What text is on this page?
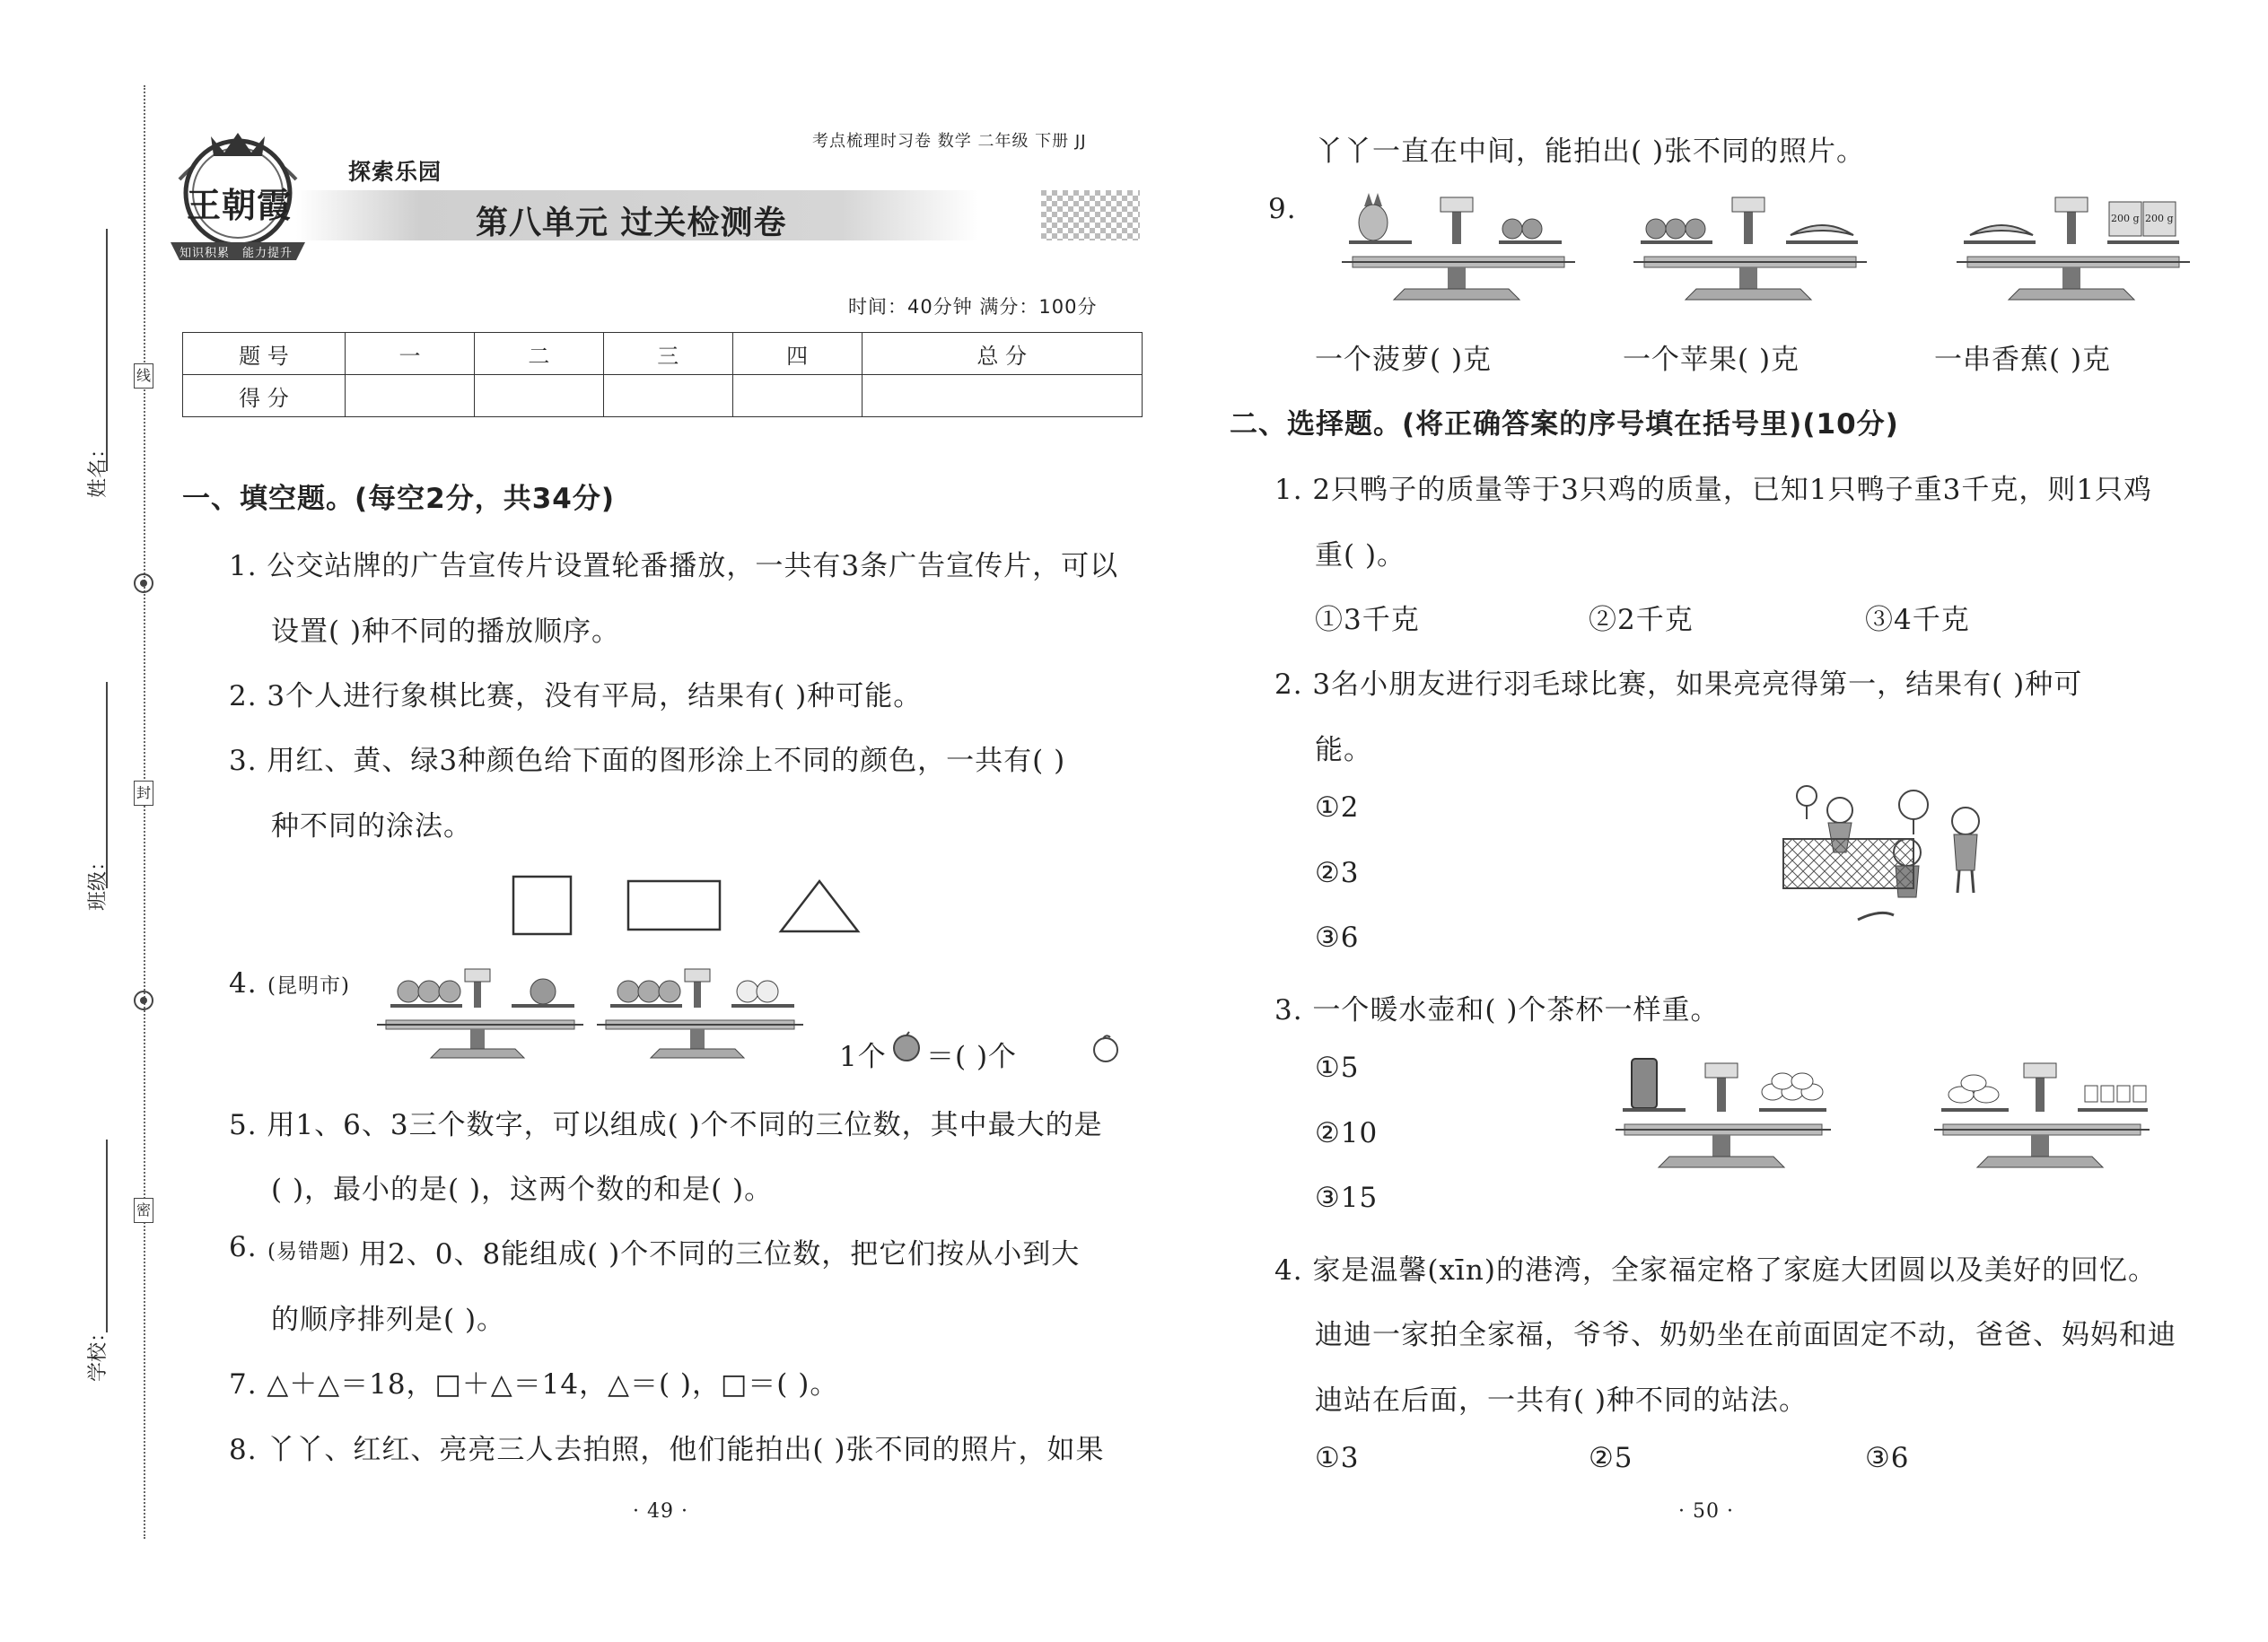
姓名：
班级：
学校：
线
封
密
王朝霞
知识积累 能力提升
考点梳理时习卷 数学 二年级 下册 JJ
探索乐园
第八单元 过关检测卷
时间：40分钟 满分：100分
题 号	一	二	三	四	总 分
得 分					
一、填空题。(每空2分，共34分)
1. 公交站牌的广告宣传片设置轮番播放，一共有3条广告宣传片，可以
设置( )种不同的播放顺序。
2. 3个人进行象棋比赛，没有平局，结果有( )种可能。
3. 用红、黄、绿3种颜色给下面的图形涂上不同的颜色，一共有( )
种不同的涂法。
4. (昆明市)
1个 ＝( )个
5. 用1、6、3三个数字，可以组成( )个不同的三位数，其中最大的是
( )，最小的是( )，这两个数的和是( )。
6. (易错题) 用2、0、8能组成( )个不同的三位数，把它们按从小到大
的顺序排列是( )。
7. △＋△＝18，□＋△＝14，△＝( )，□＝( )。
8. 丫丫、红红、亮亮三人去拍照，他们能拍出( )张不同的照片，如果
· 49 ·
丫丫一直在中间，能拍出( )张不同的照片。
9.	200 g 200 g
一个菠萝( )克	一个苹果( )克	一串香蕉( )克
二、选择题。(将正确答案的序号填在括号里)(10分)
1. 2只鸭子的质量等于3只鸡的质量，已知1只鸭子重3千克，则1只鸡
重( )。
①3千克	②2千克	③4千克
2. 3名小朋友进行羽毛球比赛，如果亮亮得第一，结果有( )种可
能。
①2
②3
③6
3. 一个暖水壶和( )个茶杯一样重。
①5
②10
③15
4. 家是温馨(xīn)的港湾，全家福定格了家庭大团圆以及美好的回忆。
迪迪一家拍全家福，爷爷、奶奶坐在前面固定不动，爸爸、妈妈和迪
迪站在后面，一共有( )种不同的站法。
①3	②5	③6
· 50 ·
